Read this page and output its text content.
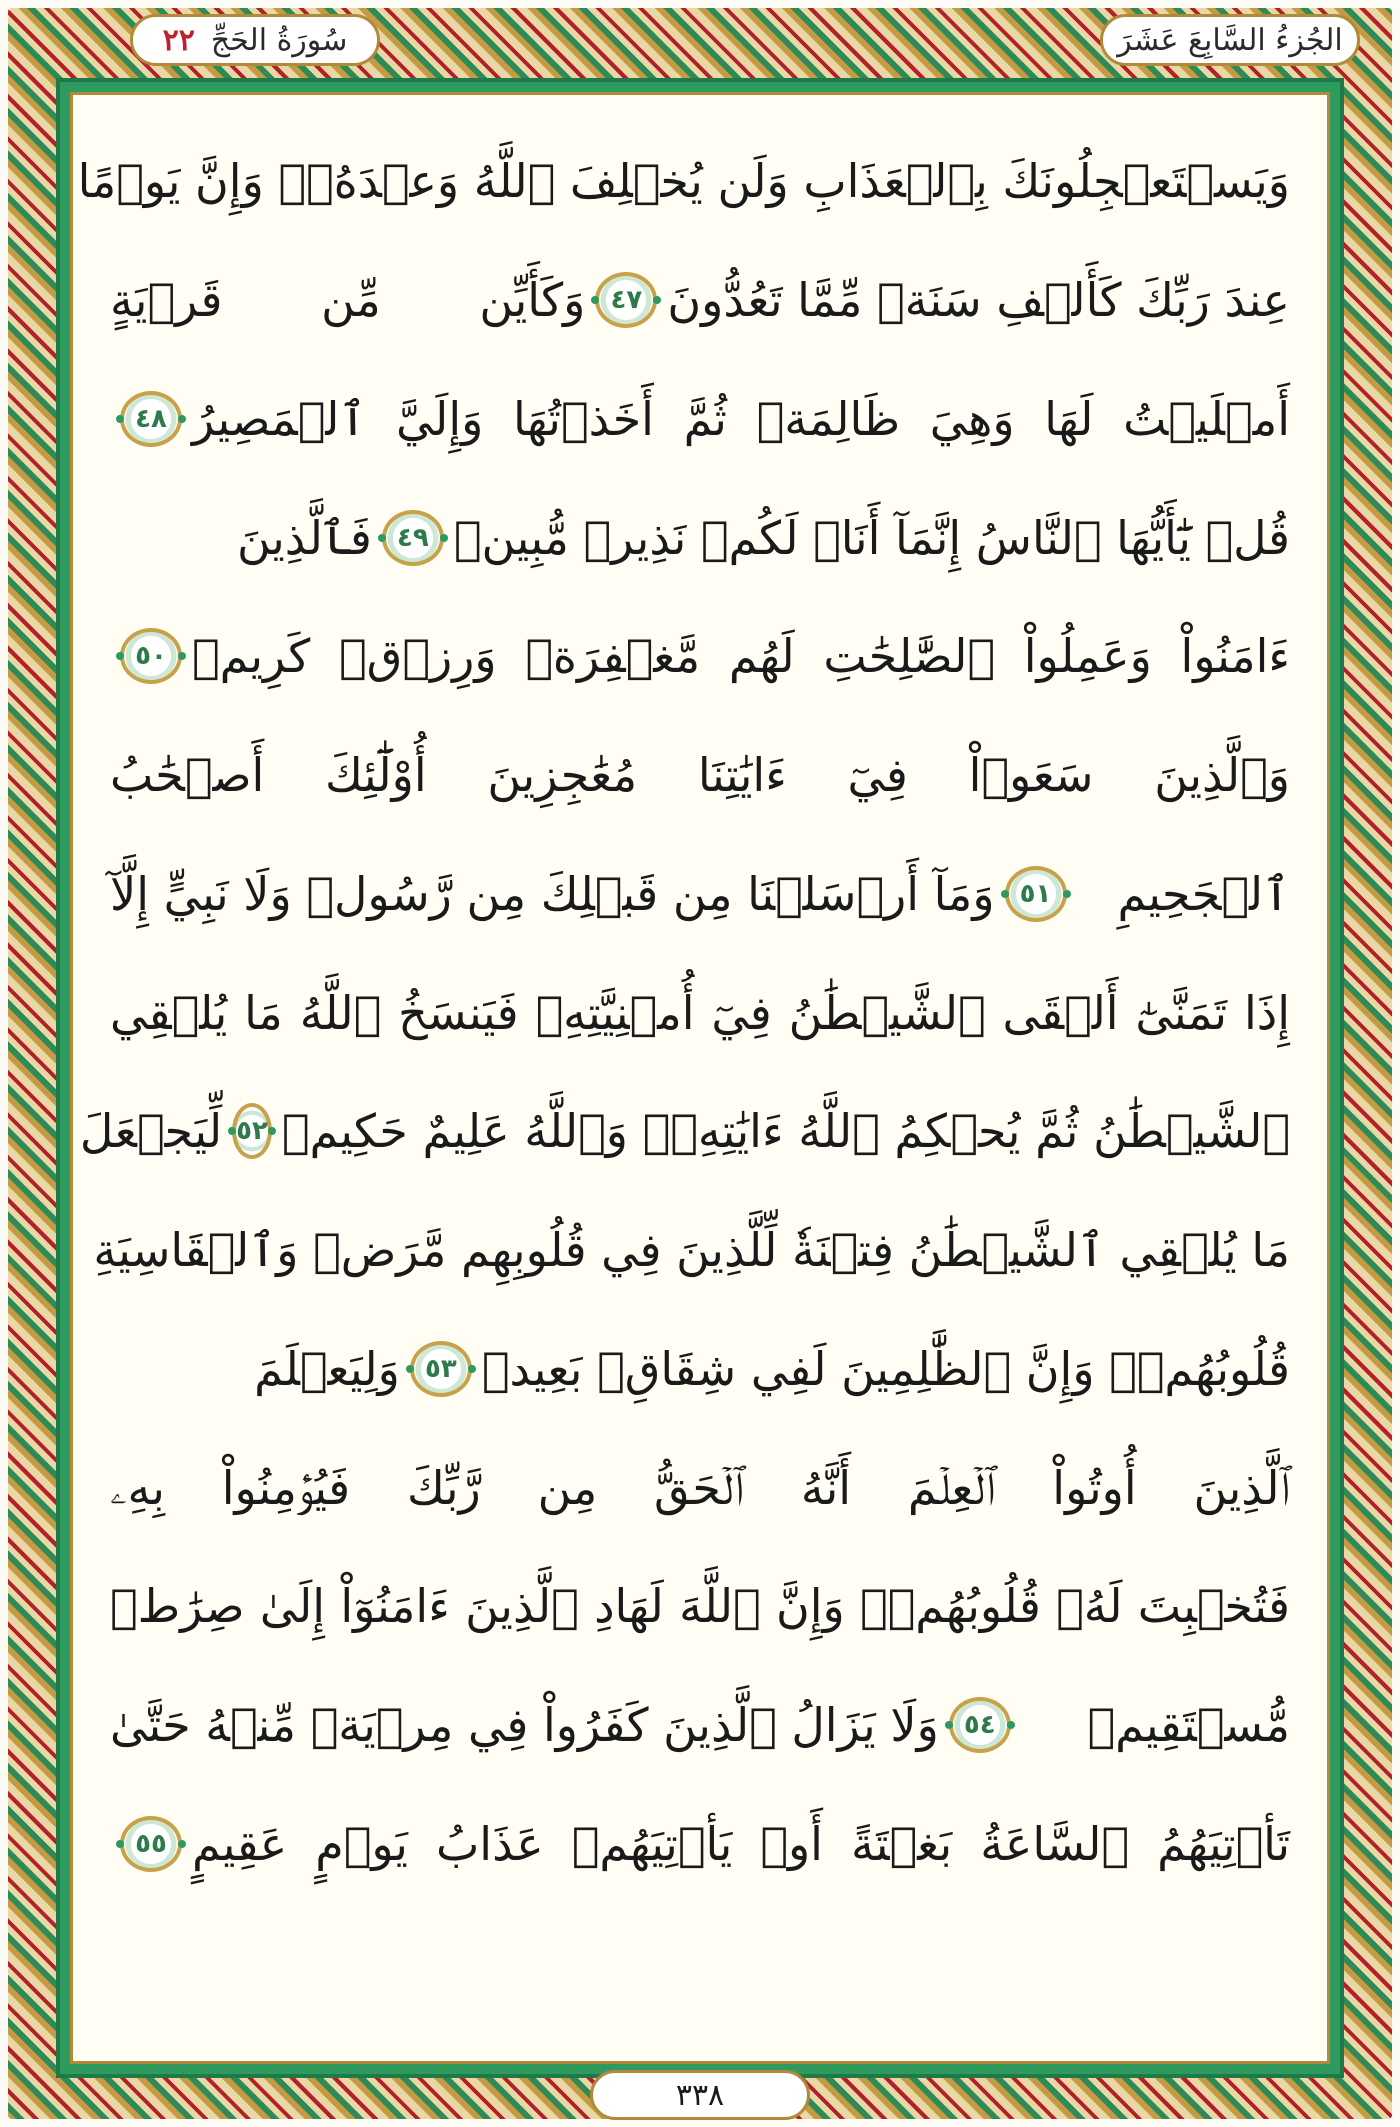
الجُزءُ السَّابِعَ عَشَرَ
سُورَةُ الحَجِّ
٢٢
وَيَسۡتَعۡجِلُونَكَ بِٱلۡعَذَابِ وَلَن يُخۡلِفَ ٱللَّهُ وَعۡدَهُۥۚ وَإِنَّ يَوۡمًا
عِندَ رَبِّكَ كَأَلۡفِ سَنَةٖ مِّمَّا تَعُدُّونَ
٤٧
وَكَأَيِّن مِّن قَرۡيَةٍ
أَمۡلَيۡتُ لَهَا وَهِيَ ظَالِمَةٞ ثُمَّ أَخَذۡتُهَا وَإِلَيَّ ٱلۡمَصِيرُ
٤٨
قُلۡ يَٰٓأَيُّهَا ٱلنَّاسُ إِنَّمَآ أَنَا۠ لَكُمۡ نَذِيرٞ مُّبِينٞ
٤٩
فَٱلَّذِينَ
ءَامَنُواْ وَعَمِلُواْ ٱلصَّٰلِحَٰتِ لَهُم مَّغۡفِرَةٞ وَرِزۡقٞ كَرِيمٞ
٥٠
وَٱلَّذِينَ سَعَوۡاْ فِيٓ ءَايَٰتِنَا مُعَٰجِزِينَ أُوْلَٰٓئِكَ أَصۡحَٰبُ
ٱلۡجَحِيمِ
٥١
وَمَآ أَرۡسَلۡنَا مِن قَبۡلِكَ مِن رَّسُولٖ وَلَا نَبِيٍّ إِلَّآ
إِذَا تَمَنَّىٰٓ أَلۡقَى ٱلشَّيۡطَٰنُ فِيٓ أُمۡنِيَّتِهِۦ فَيَنسَخُ ٱللَّهُ مَا يُلۡقِي
ٱلشَّيۡطَٰنُ ثُمَّ يُحۡكِمُ ٱللَّهُ ءَايَٰتِهِۦۗ وَٱللَّهُ عَلِيمٌ حَكِيمٞ
٥٢
لِّيَجۡعَلَ
مَا يُلۡقِي ٱلشَّيۡطَٰنُ فِتۡنَةٗ لِّلَّذِينَ فِي قُلُوبِهِم مَّرَضٞ وَٱلۡقَاسِيَةِ
قُلُوبُهُمۡۗ وَإِنَّ ٱلظَّٰلِمِينَ لَفِي شِقَاقِۢ بَعِيدٖ
٥٣
وَلِيَعۡلَمَ
ٱلَّذِينَ أُوتُواْ ٱلۡعِلۡمَ أَنَّهُ ٱلۡحَقُّ مِن رَّبِّكَ فَيُؤۡمِنُواْ بِهِۦ
فَتُخۡبِتَ لَهُۥ قُلُوبُهُمۡۗ وَإِنَّ ٱللَّهَ لَهَادِ ٱلَّذِينَ ءَامَنُوٓاْ إِلَىٰ صِرَٰطٖ
مُّسۡتَقِيمٖ
٥٤
وَلَا يَزَالُ ٱلَّذِينَ كَفَرُواْ فِي مِرۡيَةٖ مِّنۡهُ حَتَّىٰ
تَأۡتِيَهُمُ ٱلسَّاعَةُ بَغۡتَةً أَوۡ يَأۡتِيَهُمۡ عَذَابُ يَوۡمٍ عَقِيمٍ
٥٥
٣٣٨
